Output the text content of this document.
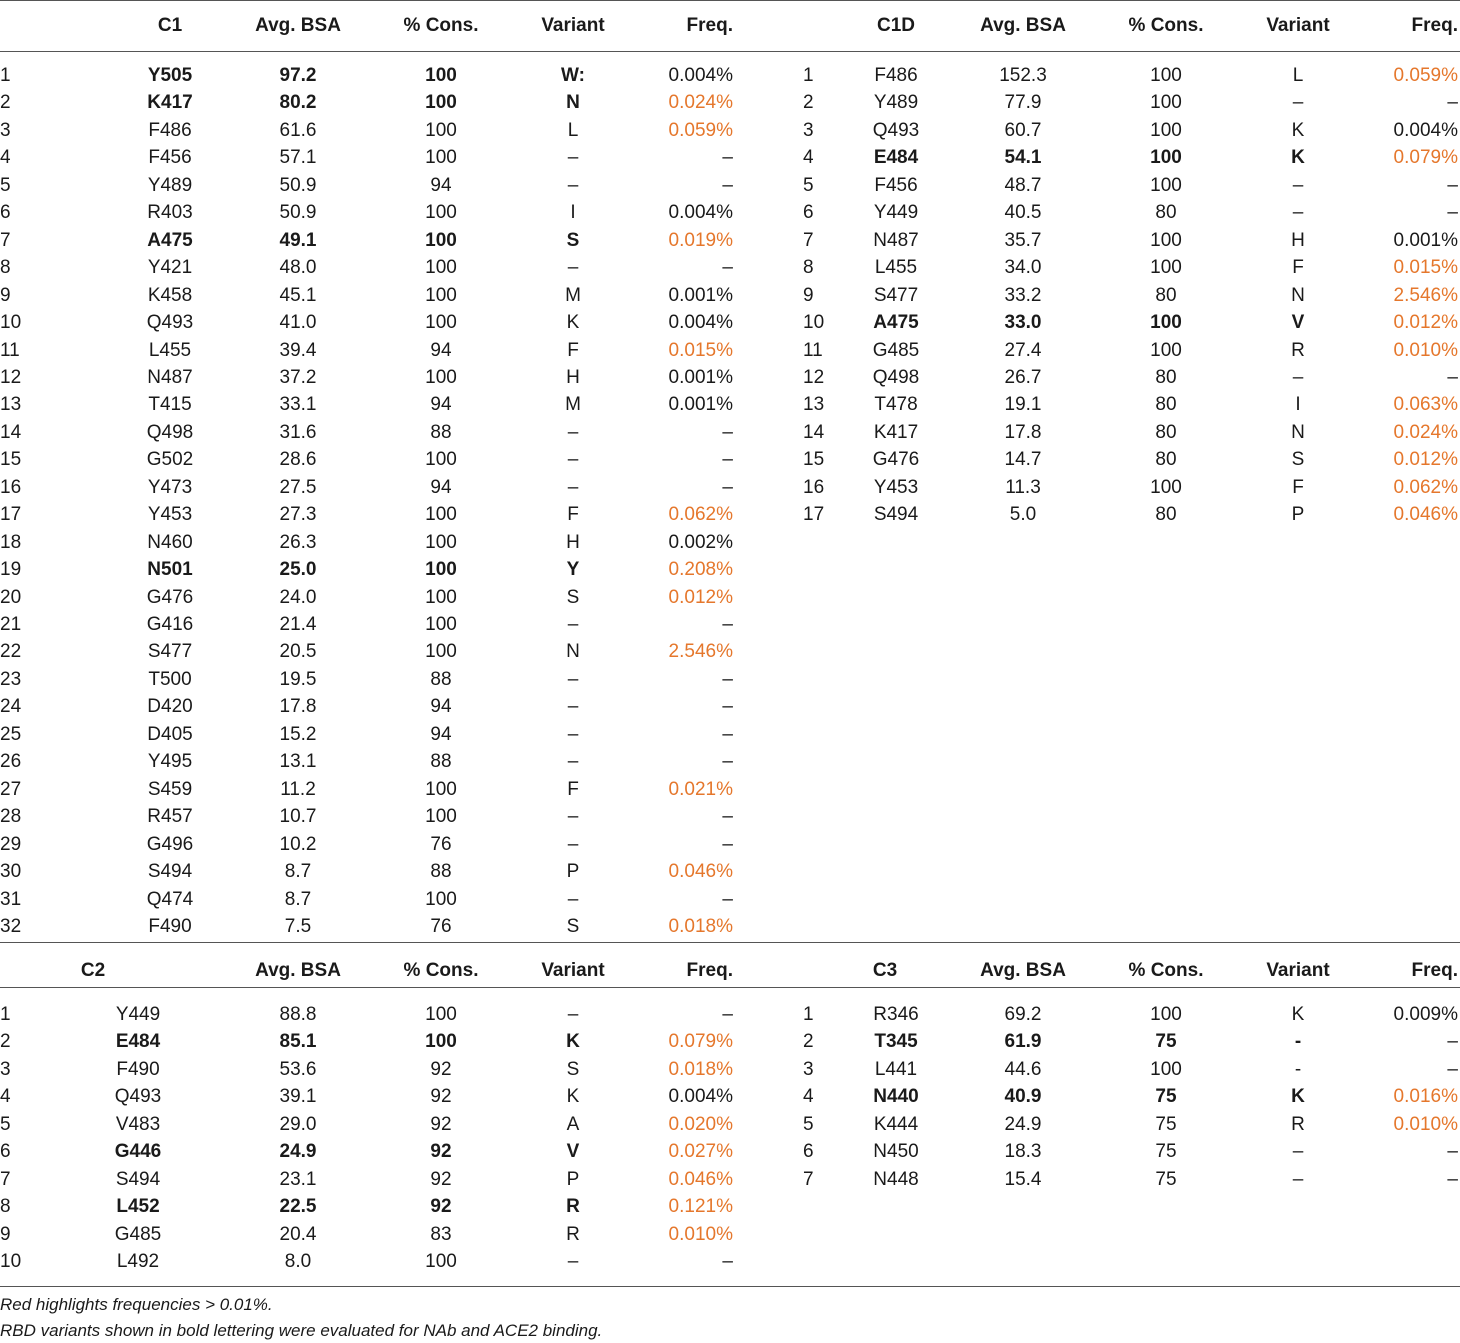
C1	Avg. BSA	% Cons.	Variant	Freq.	C1D	Avg. BSA	% Cons.	Variant	Freq.
1	Y505	97.2	100	W:	0.004%
2	K417	80.2	100	N	0.024%
3	F486	61.6	100	L	0.059%
4	F456	57.1	100	–	–
5	Y489	50.9	94	–	–
6	R403	50.9	100	I	0.004%
7	A475	49.1	100	S	0.019%
8	Y421	48.0	100	–	–
9	K458	45.1	100	M	0.001%
10	Q493	41.0	100	K	0.004%
11	L455	39.4	94	F	0.015%
12	N487	37.2	100	H	0.001%
13	T415	33.1	94	M	0.001%
14	Q498	31.6	88	–	–
15	G502	28.6	100	–	–
16	Y473	27.5	94	–	–
17	Y453	27.3	100	F	0.062%
18	N460	26.3	100	H	0.002%
19	N501	25.0	100	Y	0.208%
20	G476	24.0	100	S	0.012%
21	G416	21.4	100	–	–
22	S477	20.5	100	N	2.546%
23	T500	19.5	88	–	–
24	D420	17.8	94	–	–
25	D405	15.2	94	–	–
26	Y495	13.1	88	–	–
27	S459	11.2	100	F	0.021%
28	R457	10.7	100	–	–
29	G496	10.2	76	–	–
30	S494	8.7	88	P	0.046%
31	Q474	8.7	100	–	–
32	F490	7.5	76	S	0.018%
1	F486	152.3	100	L	0.059%
2	Y489	77.9	100	–	–
3	Q493	60.7	100	K	0.004%
4	E484	54.1	100	K	0.079%
5	F456	48.7	100	–	–
6	Y449	40.5	80	–	–
7	N487	35.7	100	H	0.001%
8	L455	34.0	100	F	0.015%
9	S477	33.2	80	N	2.546%
10	A475	33.0	100	V	0.012%
11	G485	27.4	100	R	0.010%
12	Q498	26.7	80	–	–
13	T478	19.1	80	I	0.063%
14	K417	17.8	80	N	0.024%
15	G476	14.7	80	S	0.012%
16	Y453	11.3	100	F	0.062%
17	S494	5.0	80	P	0.046%
C2	Avg. BSA	% Cons.	Variant	Freq.	C3	Avg. BSA	% Cons.	Variant	Freq.
1	Y449	88.8	100	–	–
2	E484	85.1	100	K	0.079%
3	F490	53.6	92	S	0.018%
4	Q493	39.1	92	K	0.004%
5	V483	29.0	92	A	0.020%
6	G446	24.9	92	V	0.027%
7	S494	23.1	92	P	0.046%
8	L452	22.5	92	R	0.121%
9	G485	20.4	83	R	0.010%
10	L492	8.0	100	–	–
1	R346	69.2	100	K	0.009%
2	T345	61.9	75	-	–
3	L441	44.6	100	-	–
4	N440	40.9	75	K	0.016%
5	K444	24.9	75	R	0.010%
6	N450	18.3	75	–	–
7	N448	15.4	75	–	–
Red highlights frequencies > 0.01%.
RBD variants shown in bold lettering were evaluated for NAb and ACE2 binding.
